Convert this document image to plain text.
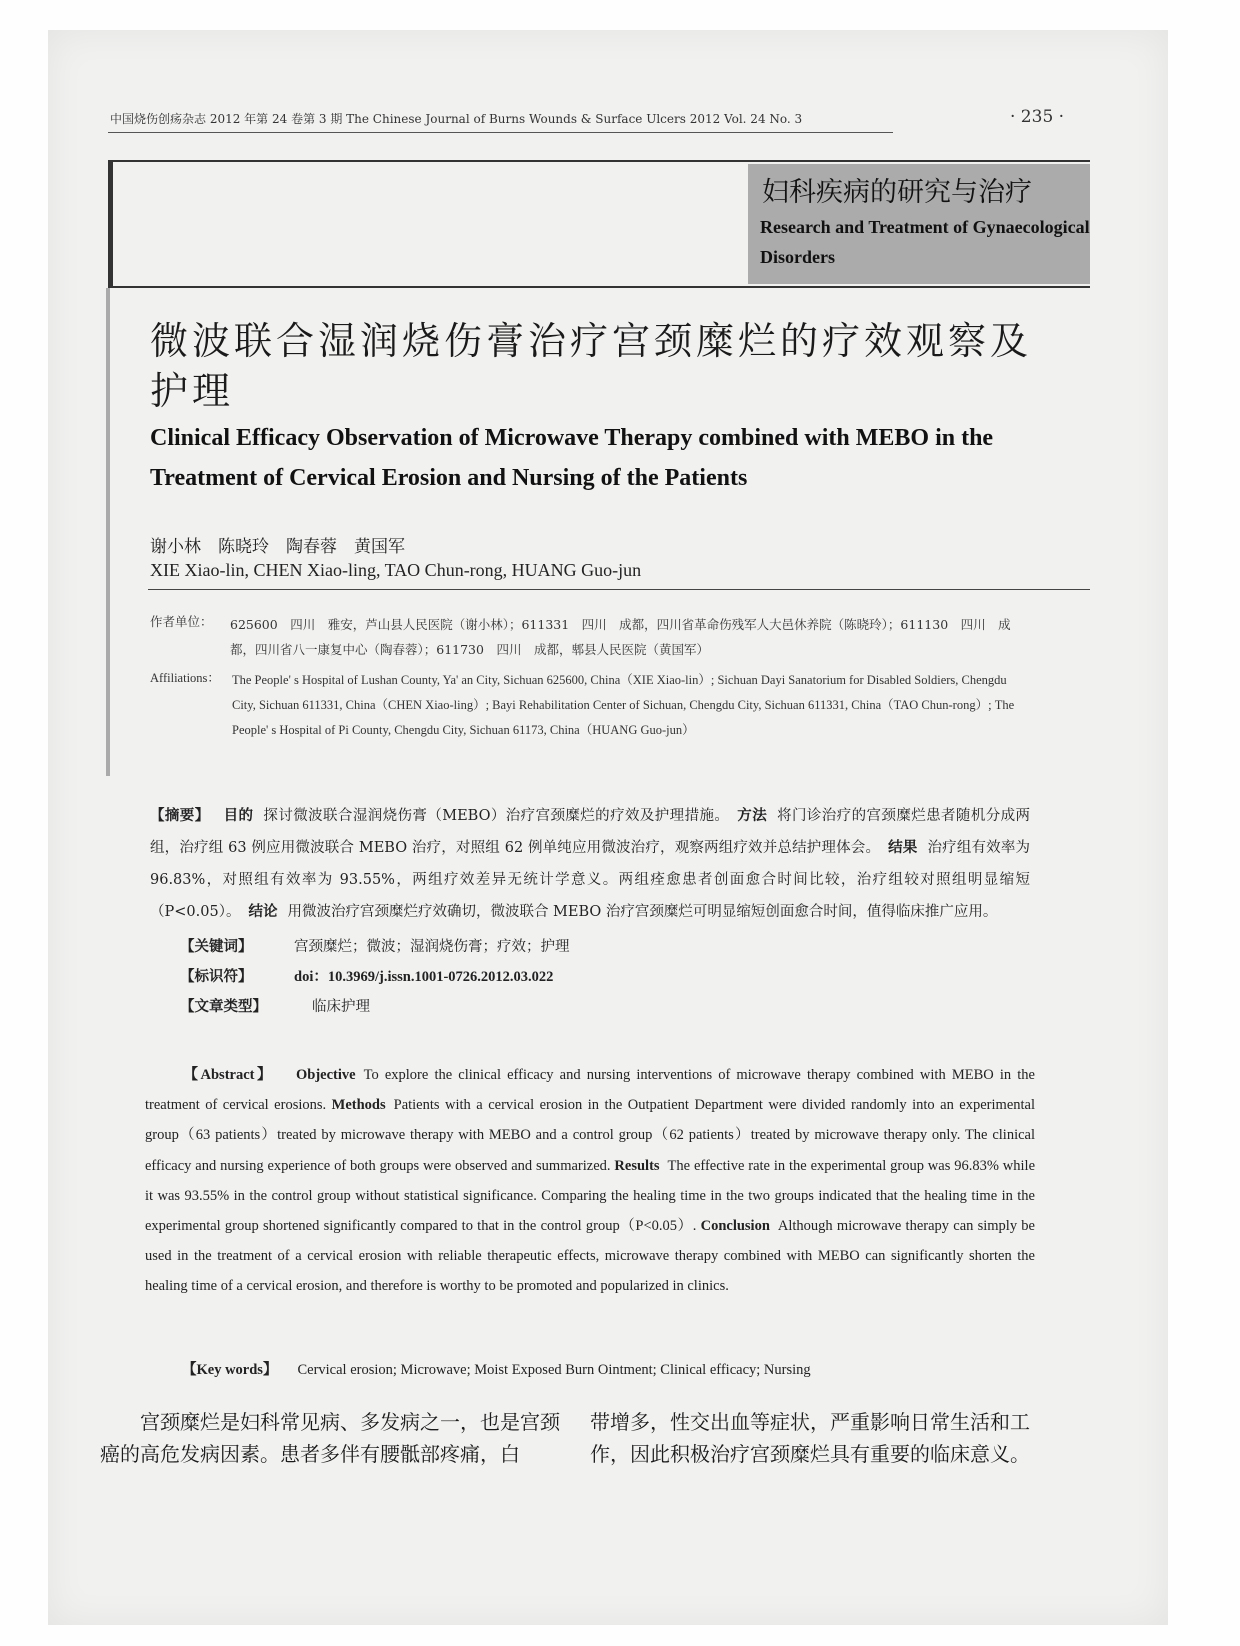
中国烧伤创疡杂志 2012 年第 24 卷第 3 期 The Chinese Journal of Burns Wounds & Surface Ulcers 2012 Vol. 24 No. 3	· 235 ·
妇科疾病的研究与治疗
Research and Treatment of Gynaecological Disorders
微波联合湿润烧伤膏治疗宫颈糜烂的疗效观察及护理
Clinical Efficacy Observation of Microwave Therapy combined with MEBO in the Treatment of Cervical Erosion and Nursing of the Patients
谢小林　陈晓玲　陶春蓉　黄国军
XIE Xiao-lin, CHEN Xiao-ling, TAO Chun-rong, HUANG Guo-jun
作者单位： 625600　四川　雅安，芦山县人民医院（谢小林）；611331　四川　成都，四川省革命伤残军人大邑休养院（陈晓玲）；611130　四川　成都，四川省八一康复中心（陶春蓉）；611730　四川　成都，郫县人民医院（黄国军）
Affiliations： The People' s Hospital of Lushan County, Ya' an City, Sichuan 625600, China（XIE Xiao-lin）; Sichuan Dayi Sanatorium for Disabled Soldiers, Chengdu City, Sichuan 611331, China（CHEN Xiao-ling）; Bayi Rehabilitation Center of Sichuan, Chengdu City, Sichuan 611331, China（TAO Chun-rong）; The People' s Hospital of Pi County, Chengdu City, Sichuan 61173, China（HUANG Guo-jun）
【摘要】 目的 探讨微波联合湿润烧伤膏（MEBO）治疗宫颈糜烂的疗效及护理措施。 方法 将门诊治疗的宫颈糜烂患者随机分成两组，治疗组 63 例应用微波联合 MEBO 治疗，对照组 62 例单纯应用微波治疗，观察两组疗效并总结护理体会。 结果 治疗组有效率为 96.83%，对照组有效率为 93.55%，两组疗效差异无统计学意义。两组痊愈患者创面愈合时间比较，治疗组较对照组明显缩短（P<0.05）。 结论 用微波治疗宫颈糜烂疗效确切，微波联合 MEBO 治疗宫颈糜烂可明显缩短创面愈合时间，值得临床推广应用。
【关键词】	宫颈糜烂；微波；湿润烧伤膏；疗效；护理
【标识符】	doi：10.3969/j.issn.1001-0726.2012.03.022
【文章类型】	临床护理
【Abstract】 Objective To explore the clinical efficacy and nursing interventions of microwave therapy combined with MEBO in the treatment of cervical erosions. Methods Patients with a cervical erosion in the Outpatient Department were divided randomly into an experimental group（63 patients）treated by microwave therapy with MEBO and a control group（62 patients）treated by microwave therapy only. The clinical efficacy and nursing experience of both groups were observed and summarized. Results The effective rate in the experimental group was 96.83% while it was 93.55% in the control group without statistical significance. Comparing the healing time in the two groups indicated that the healing time in the experimental group shortened significantly compared to that in the control group（P<0.05）. Conclusion Although microwave therapy can simply be used in the treatment of a cervical erosion with reliable therapeutic effects, microwave therapy combined with MEBO can significantly shorten the healing time of a cervical erosion, and therefore is worthy to be promoted and popularized in clinics.
【Key words】 Cervical erosion; Microwave; Moist Exposed Burn Ointment; Clinical efficacy; Nursing
宫颈糜烂是妇科常见病、多发病之一，也是宫颈癌的高危发病因素。患者多伴有腰骶部疼痛，白
带增多，性交出血等症状，严重影响日常生活和工作，因此积极治疗宫颈糜烂具有重要的临床意义。
